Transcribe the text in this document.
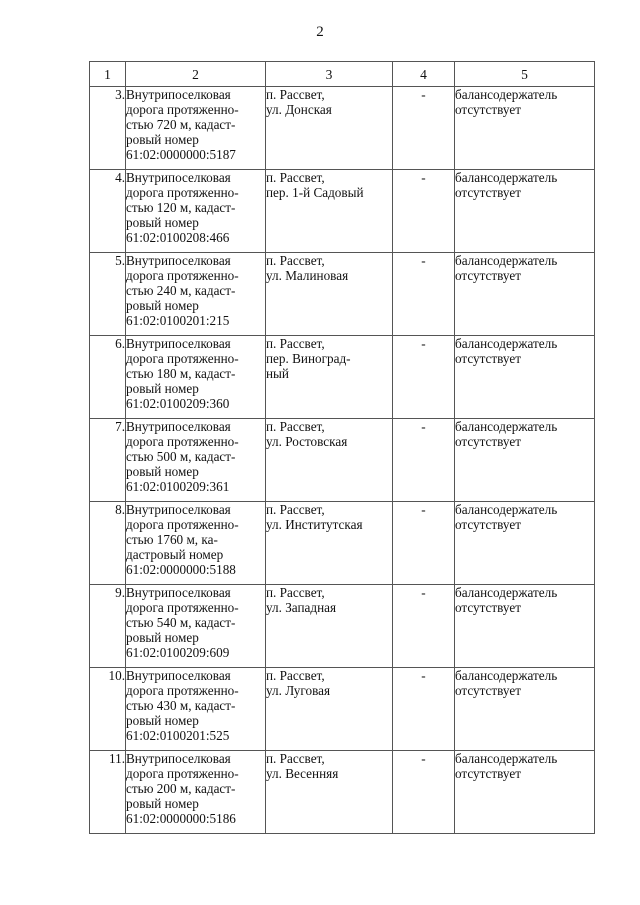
2
1	2	3	4	5
3.	Внутрипоселковая
дорога протяженно-
стью 720 м, кадаст-
ровый номер
61:02:0000000:5187	п. Рассвет,
ул. Донская	-	балансодержатель
отсутствует
4.	Внутрипоселковая
дорога протяженно-
стью 120 м, кадаст-
ровый номер
61:02:0100208:466	п. Рассвет,
пер. 1-й Садовый	-	балансодержатель
отсутствует
5.	Внутрипоселковая
дорога протяженно-
стью 240 м, кадаст-
ровый номер
61:02:0100201:215	п. Рассвет,
ул. Малиновая	-	балансодержатель
отсутствует
6.	Внутрипоселковая
дорога протяженно-
стью 180 м, кадаст-
ровый номер
61:02:0100209:360	п. Рассвет,
пер. Виноград-
ный	-	балансодержатель
отсутствует
7.	Внутрипоселковая
дорога протяженно-
стью 500 м, кадаст-
ровый номер
61:02:0100209:361	п. Рассвет,
ул. Ростовская	-	балансодержатель
отсутствует
8.	Внутрипоселковая
дорога протяженно-
стью 1760 м, ка-
дастровый номер
61:02:0000000:5188	п. Рассвет,
ул. Институтская	-	балансодержатель
отсутствует
9.	Внутрипоселковая
дорога протяженно-
стью 540 м, кадаст-
ровый номер
61:02:0100209:609	п. Рассвет,
ул. Западная	-	балансодержатель
отсутствует
10.	Внутрипоселковая
дорога протяженно-
стью 430 м, кадаст-
ровый номер
61:02:0100201:525	п. Рассвет,
ул. Луговая	-	балансодержатель
отсутствует
11.	Внутрипоселковая
дорога протяженно-
стью 200 м, кадаст-
ровый номер
61:02:0000000:5186	п. Рассвет,
ул. Весенняя	-	балансодержатель
отсутствует
